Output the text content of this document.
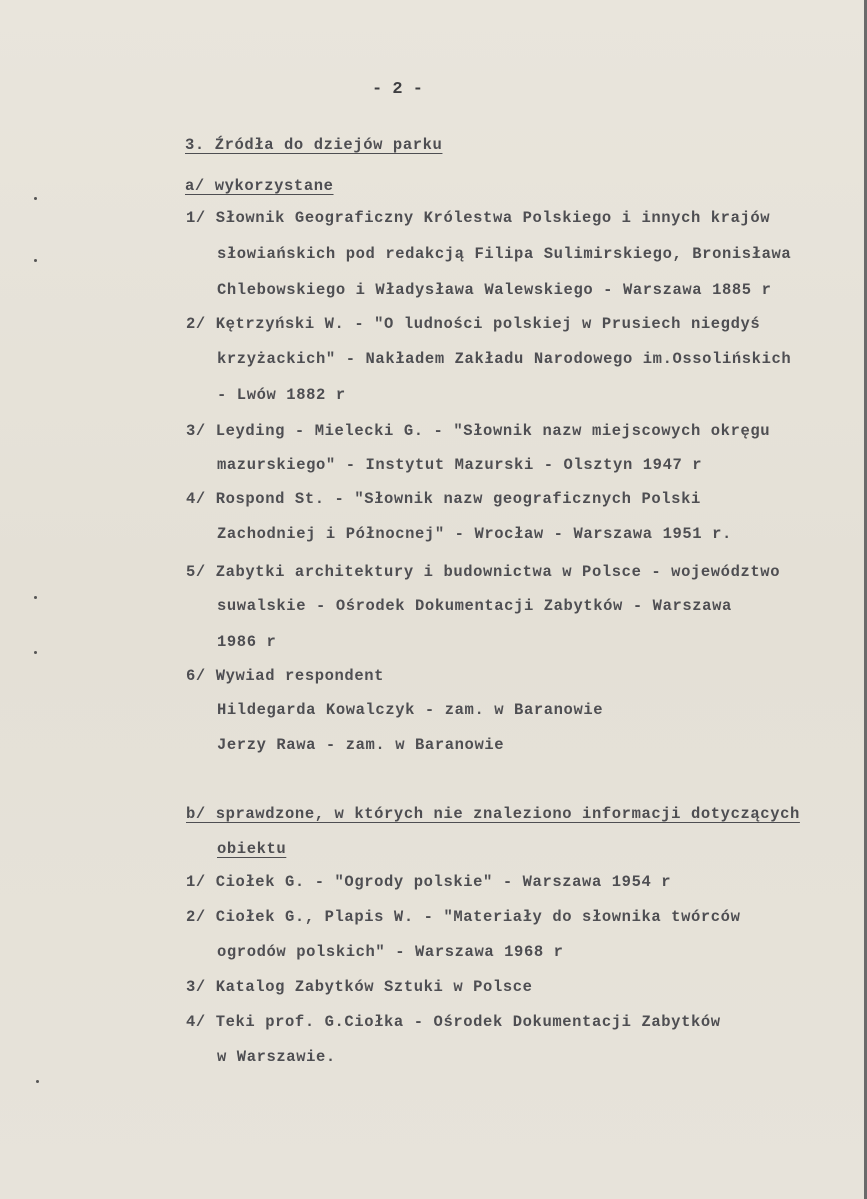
- 2 -
3. Źródła do dziejów parku
a/ wykorzystane
1/ Słownik Geograficzny Królestwa Polskiego i innych krajów
słowiańskich pod redakcją Filipa Sulimirskiego, Bronisława
Chlebowskiego i Władysława Walewskiego - Warszawa 1885 r
2/ Kętrzyński W. - "O ludności polskiej w Prusiech niegdyś
krzyżackich" - Nakładem Zakładu Narodowego im.Ossolińskich
- Lwów 1882 r
3/ Leyding - Mielecki G. - "Słownik nazw miejscowych okręgu
mazurskiego" - Instytut Mazurski - Olsztyn 1947 r
4/ Rospond St. - "Słownik nazw geograficznych Polski
Zachodniej i Północnej" - Wrocław - Warszawa 1951 r.
5/ Zabytki architektury i budownictwa w Polsce - województwo
suwalskie - Ośrodek Dokumentacji Zabytków - Warszawa
1986 r
6/ Wywiad respondent
Hildegarda Kowalczyk - zam. w Baranowie
Jerzy Rawa - zam. w Baranowie
b/ sprawdzone, w których nie znaleziono informacji dotyczących
obiektu
1/ Ciołek G. - "Ogrody polskie" - Warszawa 1954 r
2/ Ciołek G., Plapis W. - "Materiały do słownika twórców
ogrodów polskich" - Warszawa 1968 r
3/ Katalog Zabytków Sztuki w Polsce
4/ Teki prof. G.Ciołka - Ośrodek Dokumentacji Zabytków
w Warszawie.
